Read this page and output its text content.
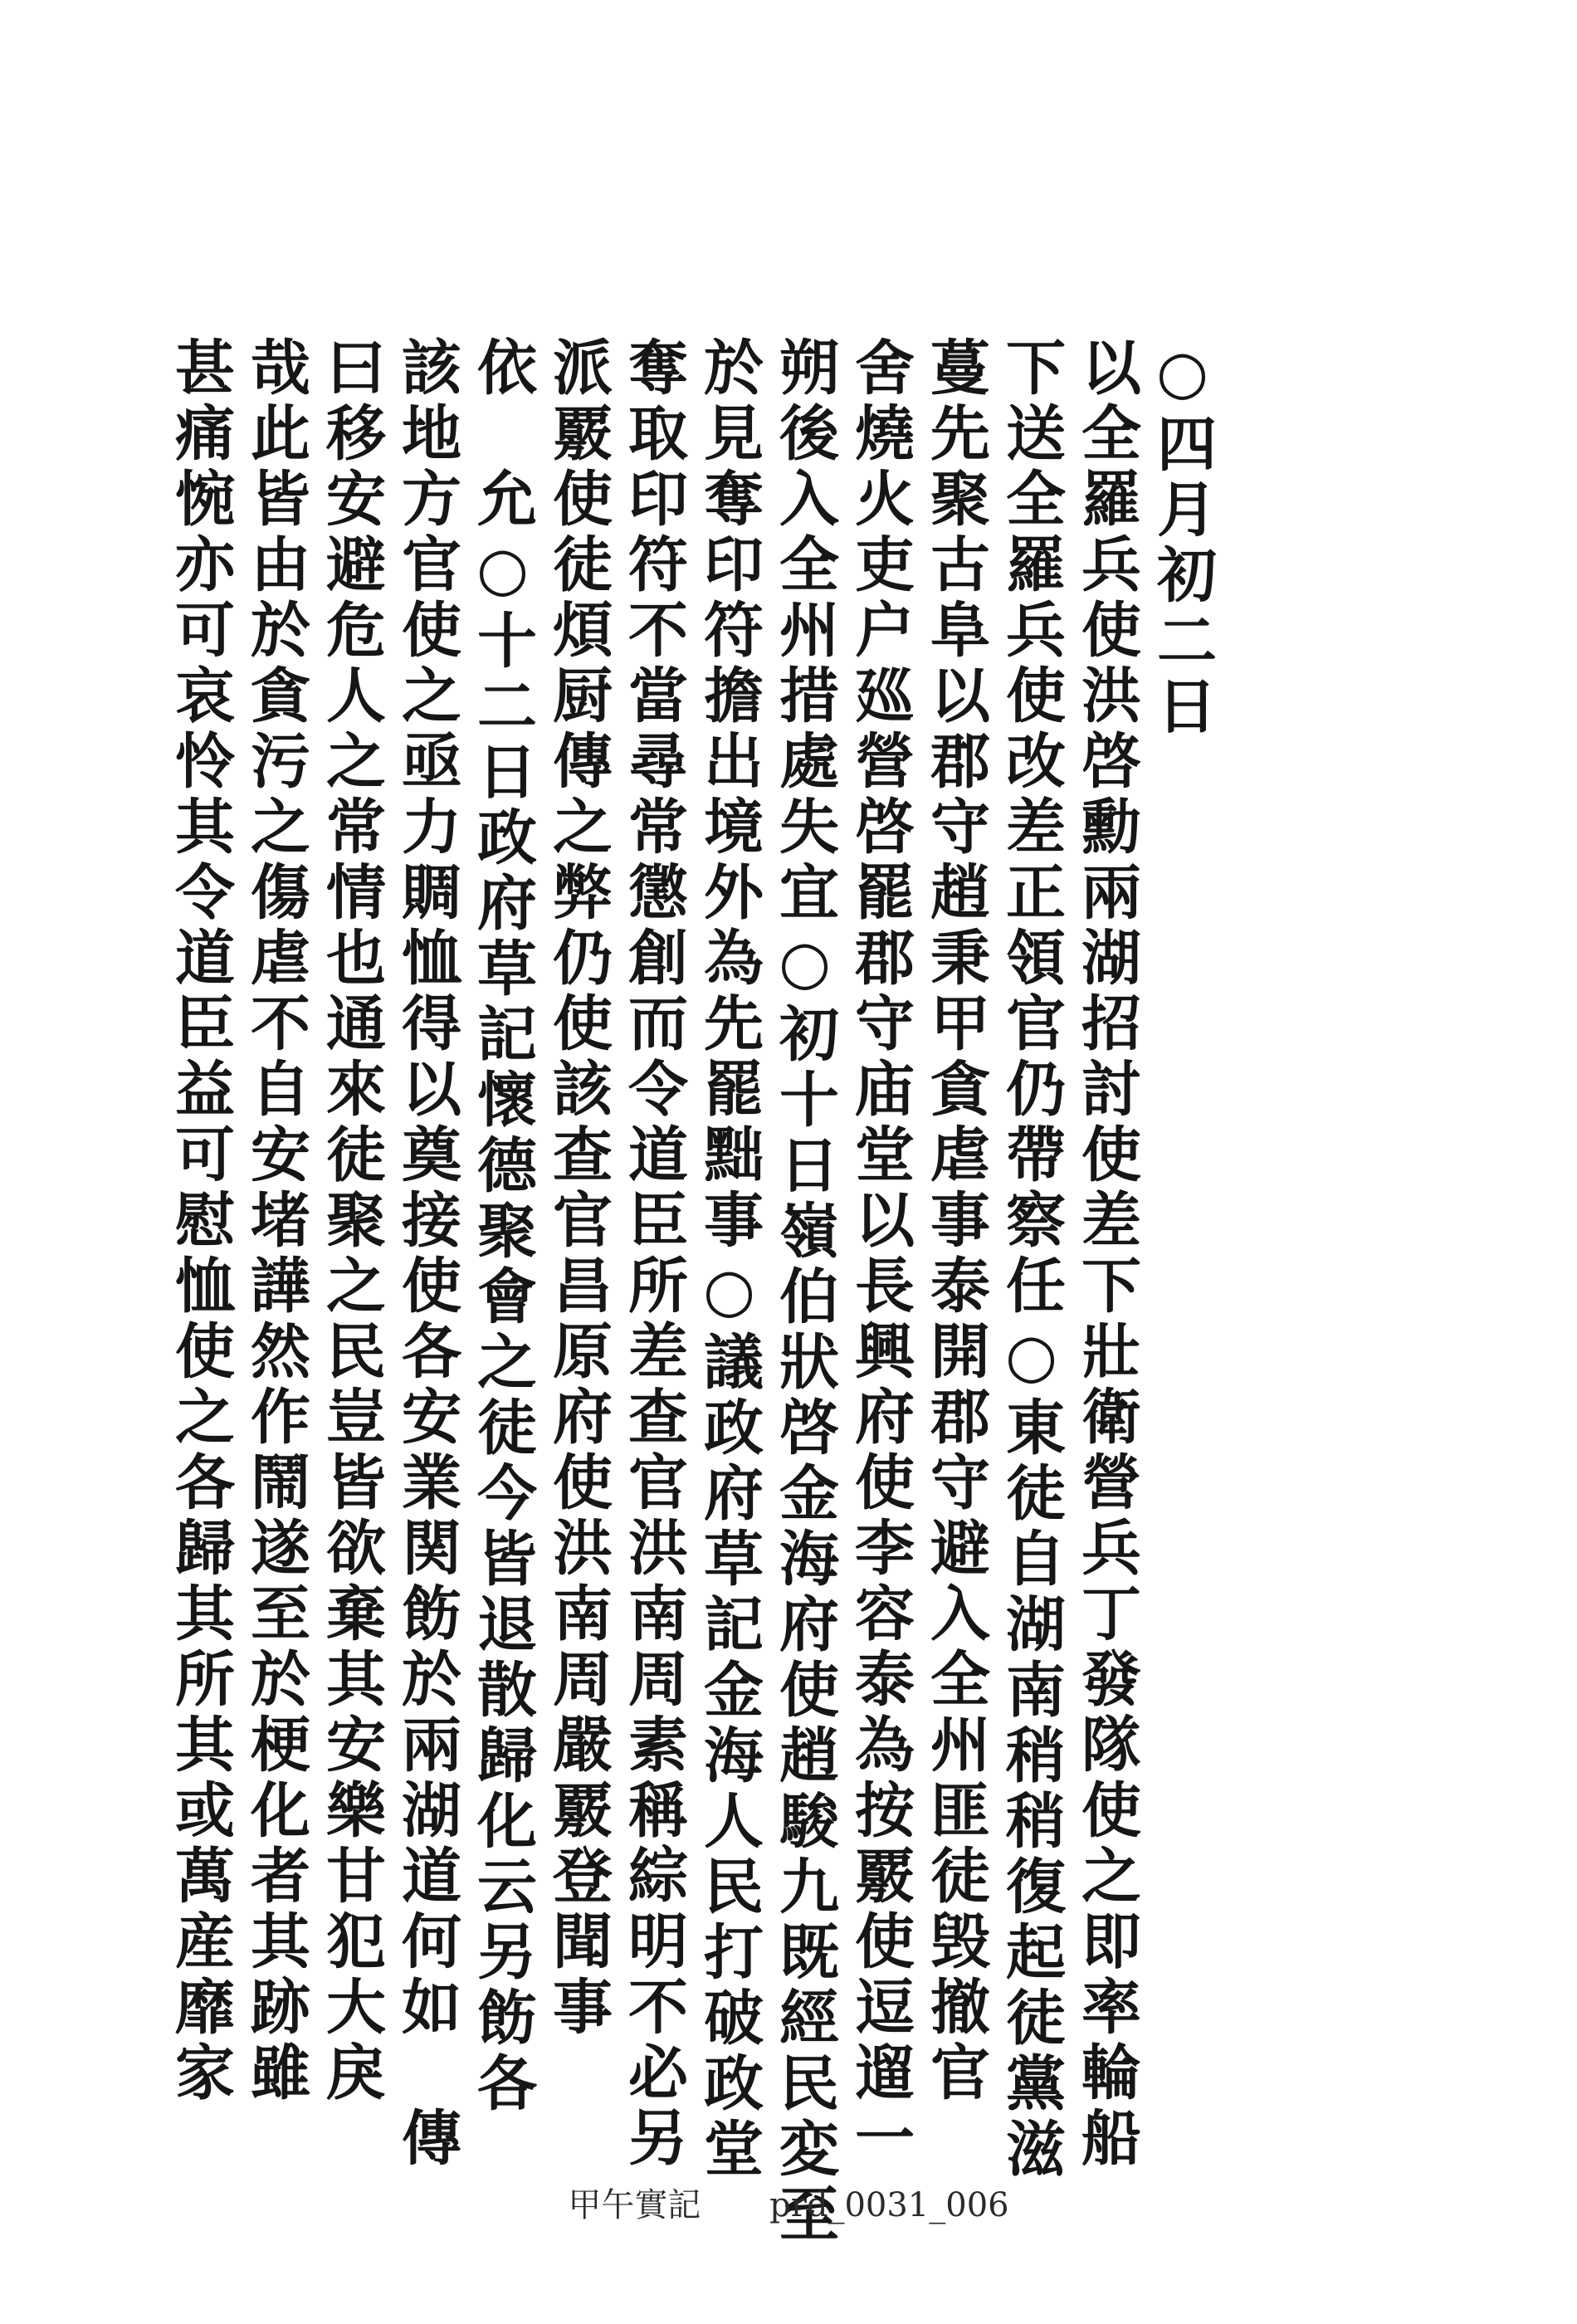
○四月初二日
以全羅兵使洪啓勳兩湖招討使差下壯衛營兵丁發隊使之即率輪船
下送全羅兵使改差正領官仍帶察任○東徒自湖南稍稍復起徒黨滋
蔓先聚古阜以郡守趙秉甲貪虐事泰開郡守避入全州匪徒毁撤官
舍燒火吏户廵營啓罷郡守庙堂以長興府使李容泰為按覈使逗遛一
朔後入全州措處失宜○初十日嶺伯狀啓金海府使趙駿九既經民変至
於見奪印符擔出境外為先罷黜事○議政府草記金海人民打破政堂
奪取印符不當尋常懲創而令道臣所差查官洪南周素稱綜明不必另
派覈使徒煩厨傳之弊仍使該查官昌原府使洪南周嚴覈登聞事
依　允○十二日政府草記懷德聚會之徒今皆退散歸化云另飭各
該地方官使之亟力賙恤得以奠接使各安業関飭於兩湖道何如　傳
曰移安避危人之常情也通來徒聚之民豈皆欲棄其安樂甘犯大戾
哉此皆由於貪污之傷虐不自安堵譁然作鬧遂至於梗化者其跡雖
甚痛惋亦可哀怜其令道臣益可慰恤使之各歸其所其或萬産靡家
甲午實記 prd_0031_006
